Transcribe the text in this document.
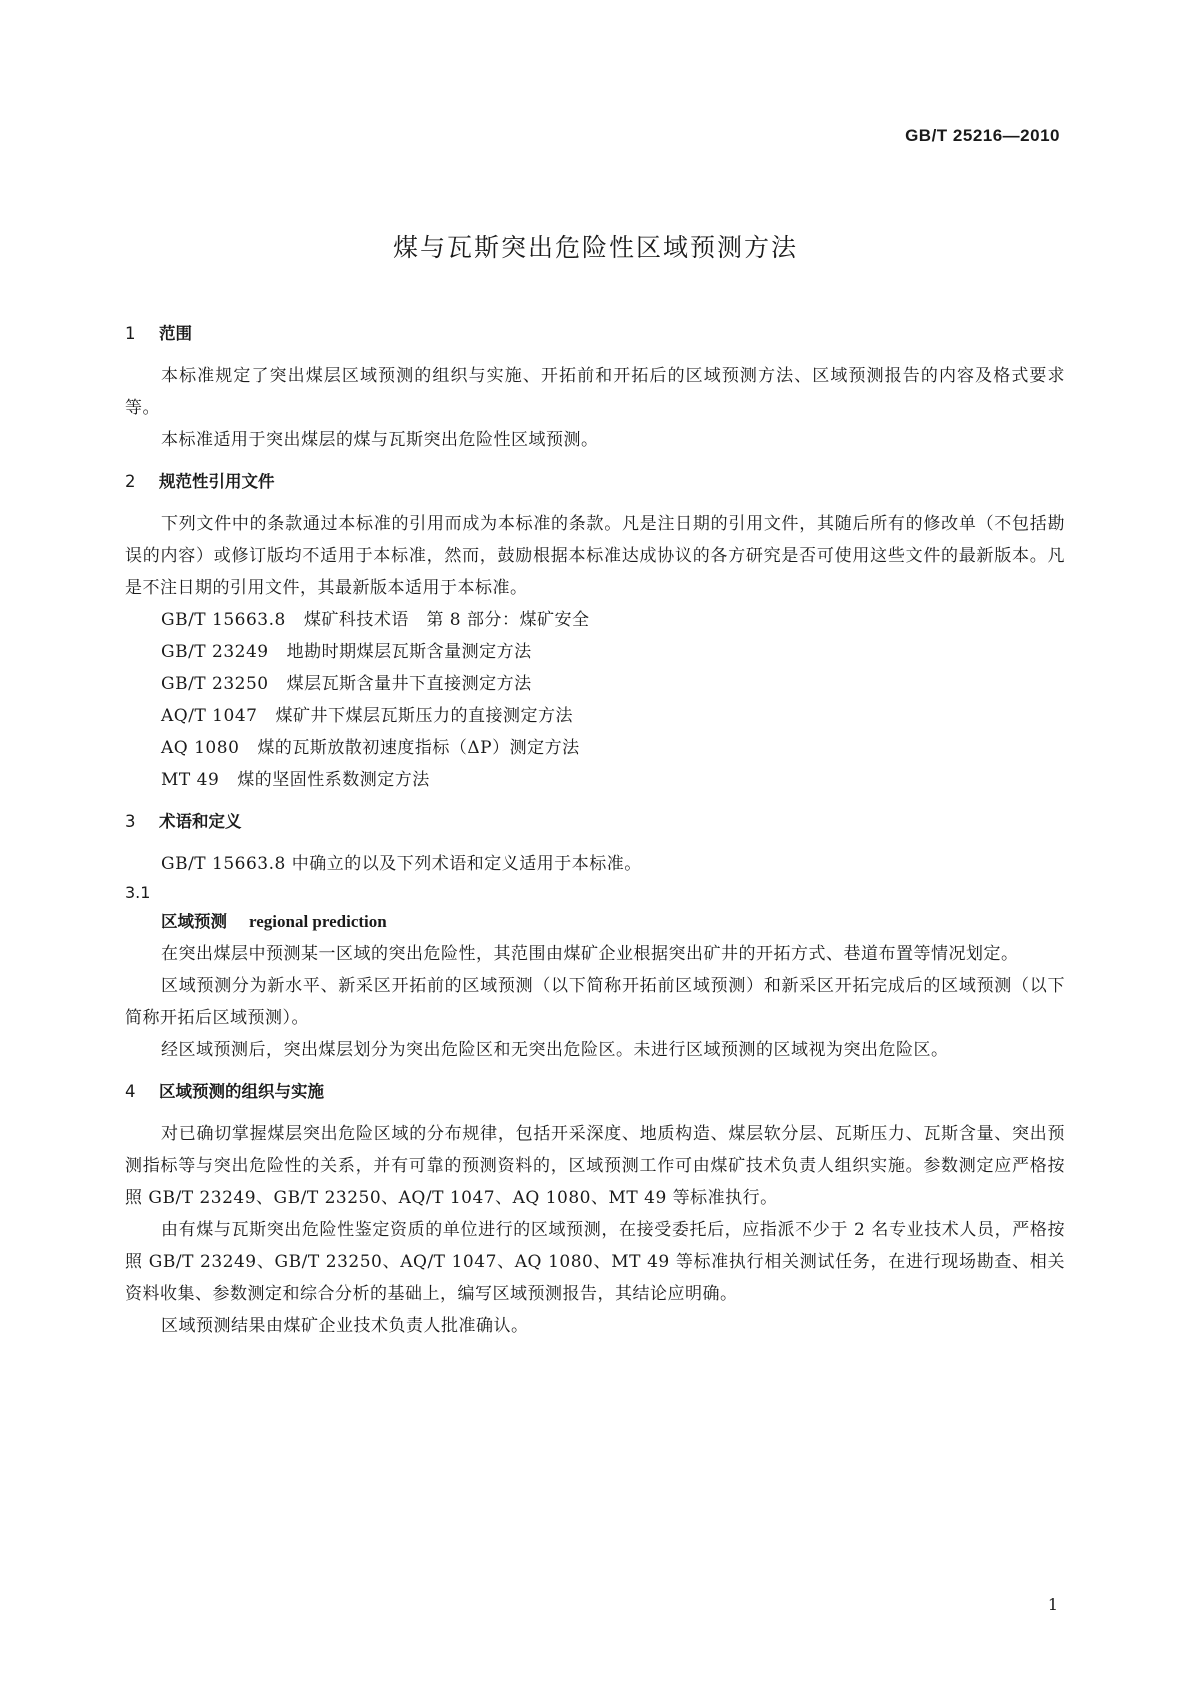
GB/T 25216—2010
煤与瓦斯突出危险性区域预测方法
1 范围

本标准规定了突出煤层区域预测的组织与实施、开拓前和开拓后的区域预测方法、区域预测报告的内容及格式要求等。

本标准适用于突出煤层的煤与瓦斯突出危险性区域预测。

2 规范性引用文件

下列文件中的条款通过本标准的引用而成为本标准的条款。凡是注日期的引用文件，其随后所有的修改单（不包括勘误的内容）或修订版均不适用于本标准，然而，鼓励根据本标准达成协议的各方研究是否可使用这些文件的最新版本。凡是不注日期的引用文件，其最新版本适用于本标准。

GB/T 15663.8 煤矿科技术语　第 8 部分：煤矿安全
GB/T 23249 地勘时期煤层瓦斯含量测定方法
GB/T 23250 煤层瓦斯含量井下直接测定方法
AQ/T 1047 煤矿井下煤层瓦斯压力的直接测定方法
AQ 1080 煤的瓦斯放散初速度指标（ΔP）测定方法
MT 49 煤的坚固性系数测定方法
3 术语和定义

GB/T 15663.8 中确立的以及下列术语和定义适用于本标准。

3.1
区域预测 regional prediction

在突出煤层中预测某一区域的突出危险性，其范围由煤矿企业根据突出矿井的开拓方式、巷道布置等情况划定。

区域预测分为新水平、新采区开拓前的区域预测（以下简称开拓前区域预测）和新采区开拓完成后的区域预测（以下简称开拓后区域预测）。

经区域预测后，突出煤层划分为突出危险区和无突出危险区。未进行区域预测的区域视为突出危险区。

4 区域预测的组织与实施

对已确切掌握煤层突出危险区域的分布规律，包括开采深度、地质构造、煤层软分层、瓦斯压力、瓦斯含量、突出预测指标等与突出危险性的关系，并有可靠的预测资料的，区域预测工作可由煤矿技术负责人组织实施。参数测定应严格按照 GB/T 23249、GB/T 23250、AQ/T 1047、AQ 1080、MT 49 等标准执行。

由有煤与瓦斯突出危险性鉴定资质的单位进行的区域预测，在接受委托后，应指派不少于 2 名专业技术人员，严格按照 GB/T 23249、GB/T 23250、AQ/T 1047、AQ 1080、MT 49 等标准执行相关测试任务，在进行现场勘查、相关资料收集、参数测定和综合分析的基础上，编写区域预测报告，其结论应明确。

区域预测结果由煤矿企业技术负责人批准确认。

1
